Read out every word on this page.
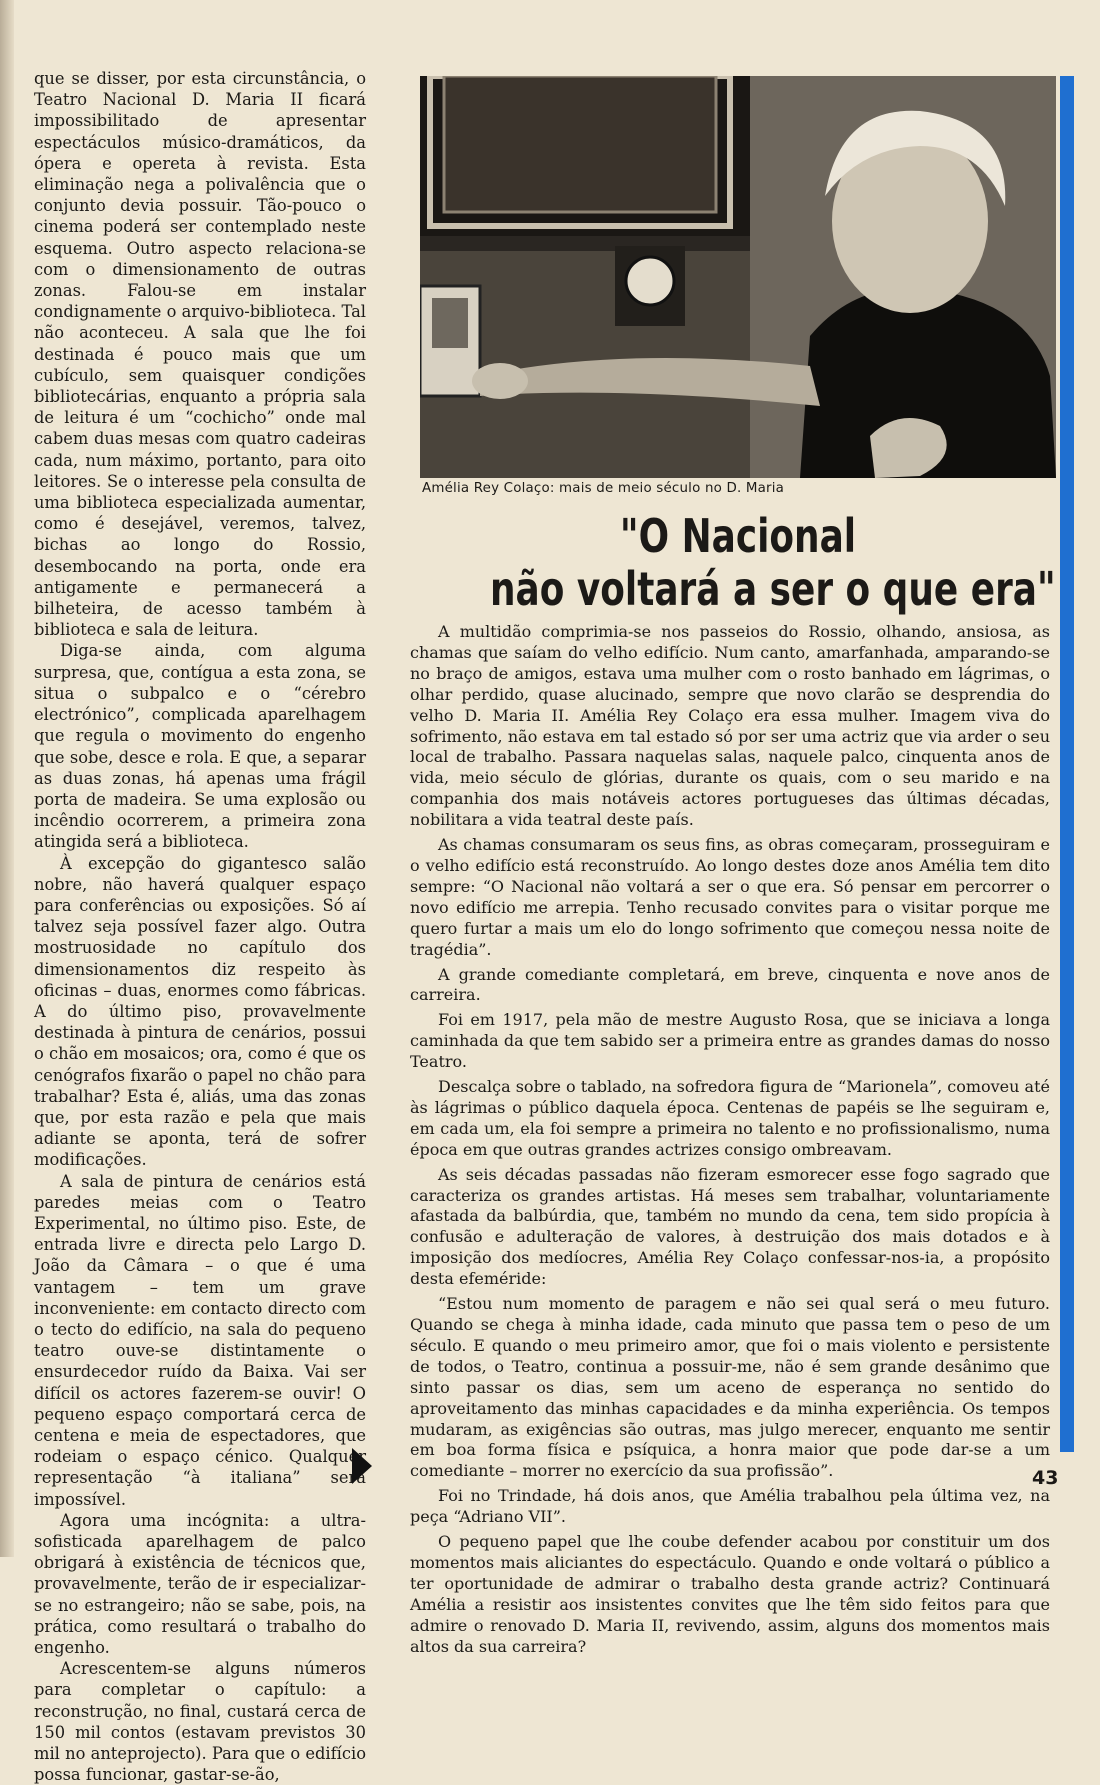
que se disser, por esta circunstância, o Teatro Nacional D. Maria II ficará impossibilitado de apresentar espectáculos músico-dramáticos, da ópera e opereta à revista. Esta eliminação nega a polivalência que o conjunto devia possuir. Tão-pouco o cinema poderá ser contemplado neste esquema. Outro aspecto relaciona-se com o dimensionamento de outras zonas. Falou-se em instalar condignamente o arquivo-biblioteca. Tal não aconteceu. A sala que lhe foi destinada é pouco mais que um cubículo, sem quaisquer condições bibliotecárias, enquanto a própria sala de leitura é um “cochicho” onde mal cabem duas mesas com quatro cadeiras cada, num máximo, portanto, para oito leitores. Se o interesse pela consulta de uma biblioteca especializada aumentar, como é desejável, veremos, talvez, bichas ao longo do Rossio, desembocando na porta, onde era antigamente e permanecerá a bilheteira, de acesso também à biblioteca e sala de leitura.

Diga-se ainda, com alguma surpresa, que, contígua a esta zona, se situa o subpalco e o “cérebro electrónico”, complicada aparelhagem que regula o movimento do engenho que sobe, desce e rola. E que, a separar as duas zonas, há apenas uma frágil porta de madeira. Se uma explosão ou incêndio ocorrerem, a primeira zona atingida será a biblioteca.

À excepção do gigantesco salão nobre, não haverá qualquer espaço para conferências ou exposições. Só aí talvez seja possível fazer algo. Outra mostruosidade no capítulo dos dimensionamentos diz respeito às oficinas – duas, enormes como fábricas. A do último piso, provavelmente destinada à pintura de cenários, possui o chão em mosaicos; ora, como é que os cenógrafos fixarão o papel no chão para trabalhar? Esta é, aliás, uma das zonas que, por esta razão e pela que mais adiante se aponta, terá de sofrer modificações.

A sala de pintura de cenários está paredes meias com o Teatro Experimental, no último piso. Este, de entrada livre e directa pelo Largo D. João da Câmara – o que é uma vantagem – tem um grave inconveniente: em contacto directo com o tecto do edifício, na sala do pequeno teatro ouve-se distintamente o ensurdecedor ruído da Baixa. Vai ser difícil os actores fazerem-se ouvir! O pequeno espaço comportará cerca de centena e meia de espectadores, que rodeiam o espaço cénico. Qualquer representação “à italiana” será impossível.

Agora uma incógnita: a ultra-sofisticada aparelhagem de palco obrigará à existência de técnicos que, provavelmente, terão de ir especializar-se no estrangeiro; não se sabe, pois, na prática, como resultará o trabalho do engenho.

Acrescentem-se alguns números para completar o capítulo: a reconstrução, no final, custará cerca de 150 mil contos (estavam previstos 30 mil no anteprojecto). Para que o edifício possa funcionar, gastar-se-ão,

Amélia Rey Colaço: mais de meio século no D. Maria
"O Nacional
não voltará a ser o que era"

A multidão comprimia-se nos passeios do Rossio, olhando, ansiosa, as chamas que saíam do velho edifício. Num canto, amarfanhada, amparando-se no braço de amigos, estava uma mulher com o rosto banhado em lágrimas, o olhar perdido, quase alucinado, sempre que novo clarão se desprendia do velho D. Maria II. Amélia Rey Colaço era essa mulher. Imagem viva do sofrimento, não estava em tal estado só por ser uma actriz que via arder o seu local de trabalho. Passara naquelas salas, naquele palco, cinquenta anos de vida, meio século de glórias, durante os quais, com o seu marido e na companhia dos mais notáveis actores portugueses das últimas décadas, nobilitara a vida teatral deste país.

As chamas consumaram os seus fins, as obras começaram, prosseguiram e o velho edifício está reconstruído. Ao longo destes doze anos Amélia tem dito sempre: “O Nacional não voltará a ser o que era. Só pensar em percorrer o novo edifício me arrepia. Tenho recusado convites para o visitar porque me quero furtar a mais um elo do longo sofrimento que começou nessa noite de tragédia”.

A grande comediante completará, em breve, cinquenta e nove anos de carreira.

Foi em 1917, pela mão de mestre Augusto Rosa, que se iniciava a longa caminhada da que tem sabido ser a primeira entre as grandes damas do nosso Teatro.

Descalça sobre o tablado, na sofredora figura de “Marionela”, comoveu até às lágrimas o público daquela época. Centenas de papéis se lhe seguiram e, em cada um, ela foi sempre a primeira no talento e no profissionalismo, numa época em que outras grandes actrizes consigo ombreavam.

As seis décadas passadas não fizeram esmorecer esse fogo sagrado que caracteriza os grandes artistas. Há meses sem trabalhar, voluntariamente afastada da balbúrdia, que, também no mundo da cena, tem sido propícia à confusão e adulteração de valores, à destruição dos mais dotados e à imposição dos medíocres, Amélia Rey Colaço confessar-nos-ia, a propósito desta efeméride:

“Estou num momento de paragem e não sei qual será o meu futuro. Quando se chega à minha idade, cada minuto que passa tem o peso de um século. E quando o meu primeiro amor, que foi o mais violento e persistente de todos, o Teatro, continua a possuir-me, não é sem grande desânimo que sinto passar os dias, sem um aceno de esperança no sentido do aproveitamento das minhas capacidades e da minha experiência. Os tempos mudaram, as exigências são outras, mas julgo merecer, enquanto me sentir em boa forma física e psíquica, a honra maior que pode dar-se a um comediante – morrer no exercício da sua profissão”.

Foi no Trindade, há dois anos, que Amélia trabalhou pela última vez, na peça “Adriano VII”.

O pequeno papel que lhe coube defender acabou por constituir um dos momentos mais aliciantes do espectáculo. Quando e onde voltará o público a ter oportunidade de admirar o trabalho desta grande actriz? Continuará Amélia a resistir aos insistentes convites que lhe têm sido feitos para que admire o renovado D. Maria II, revivendo, assim, alguns dos momentos mais altos da sua carreira?

43
